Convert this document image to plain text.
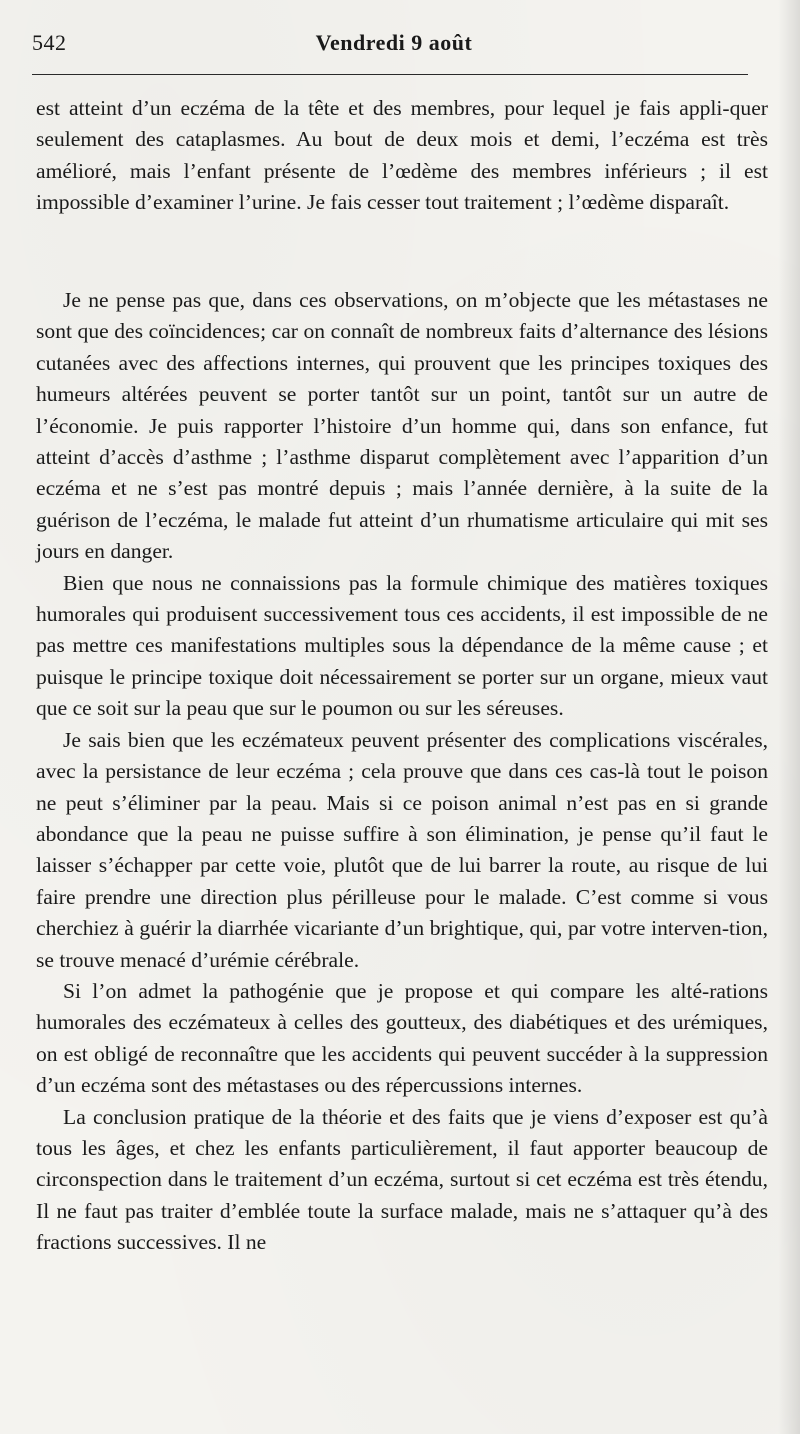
542	Vendredi 9 août

est atteint d’un eczéma de la tête et des membres, pour lequel je fais appli-quer seulement des cataplasmes. Au bout de deux mois et demi, l’eczéma est très amélioré, mais l’enfant présente de l’œdème des membres inférieurs ; il est impossible d’examiner l’urine. Je fais cesser tout traitement ; l’œdème disparaît.

Je ne pense pas que, dans ces observations, on m’objecte que les métastases ne sont que des coïncidences; car on connaît de nombreux faits d’alternance des lésions cutanées avec des affections internes, qui prouvent que les principes toxiques des humeurs altérées peuvent se porter tantôt sur un point, tantôt sur un autre de l’économie. Je puis rapporter l’histoire d’un homme qui, dans son enfance, fut atteint d’accès d’asthme ; l’asthme disparut complètement avec l’apparition d’un eczéma et ne s’est pas montré depuis ; mais l’année dernière, à la suite de la guérison de l’eczéma, le malade fut atteint d’un rhumatisme articulaire qui mit ses jours en danger.

Bien que nous ne connaissions pas la formule chimique des matières toxiques humorales qui produisent successivement tous ces accidents, il est impossible de ne pas mettre ces manifestations multiples sous la dépendance de la même cause ; et puisque le principe toxique doit nécessairement se porter sur un organe, mieux vaut que ce soit sur la peau que sur le poumon ou sur les séreuses.

Je sais bien que les eczémateux peuvent présenter des complications viscérales, avec la persistance de leur eczéma ; cela prouve que dans ces cas-là tout le poison ne peut s’éliminer par la peau. Mais si ce poison animal n’est pas en si grande abondance que la peau ne puisse suffire à son élimination, je pense qu’il faut le laisser s’échapper par cette voie, plutôt que de lui barrer la route, au risque de lui faire prendre une direction plus périlleuse pour le malade. C’est comme si vous cherchiez à guérir la diarrhée vicariante d’un brightique, qui, par votre interven-tion, se trouve menacé d’urémie cérébrale.

Si l’on admet la pathogénie que je propose et qui compare les alté-rations humorales des eczémateux à celles des goutteux, des diabétiques et des urémiques, on est obligé de reconnaître que les accidents qui peuvent succéder à la suppression d’un eczéma sont des métastases ou des répercussions internes.

La conclusion pratique de la théorie et des faits que je viens d’exposer est qu’à tous les âges, et chez les enfants particulièrement, il faut apporter beaucoup de circonspection dans le traitement d’un eczéma, surtout si cet eczéma est très étendu, Il ne faut pas traiter d’emblée toute la surface malade, mais ne s’attaquer qu’à des fractions successives. Il ne
